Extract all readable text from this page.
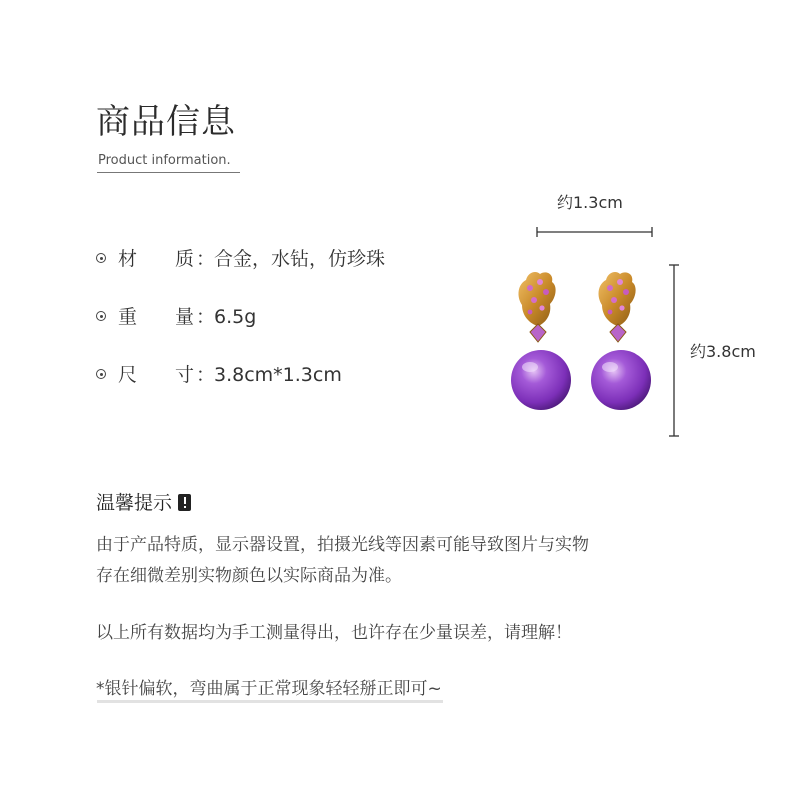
商品信息
Product information.
材　　质 ：
合金，水钻，仿珍珠
重　　量 ：
6.5g
尺　　寸 ：
3.8cm*1.3cm
约1.3cm
约3.8cm
温馨提示
由于产品特质，显示器设置，拍摄光线等因素可能导致图片与实物
存在细微差别实物颜色以实际商品为准。
以上所有数据均为手工测量得出，也许存在少量误差，请理解！
*银针偏软，弯曲属于正常现象轻轻掰正即可~
